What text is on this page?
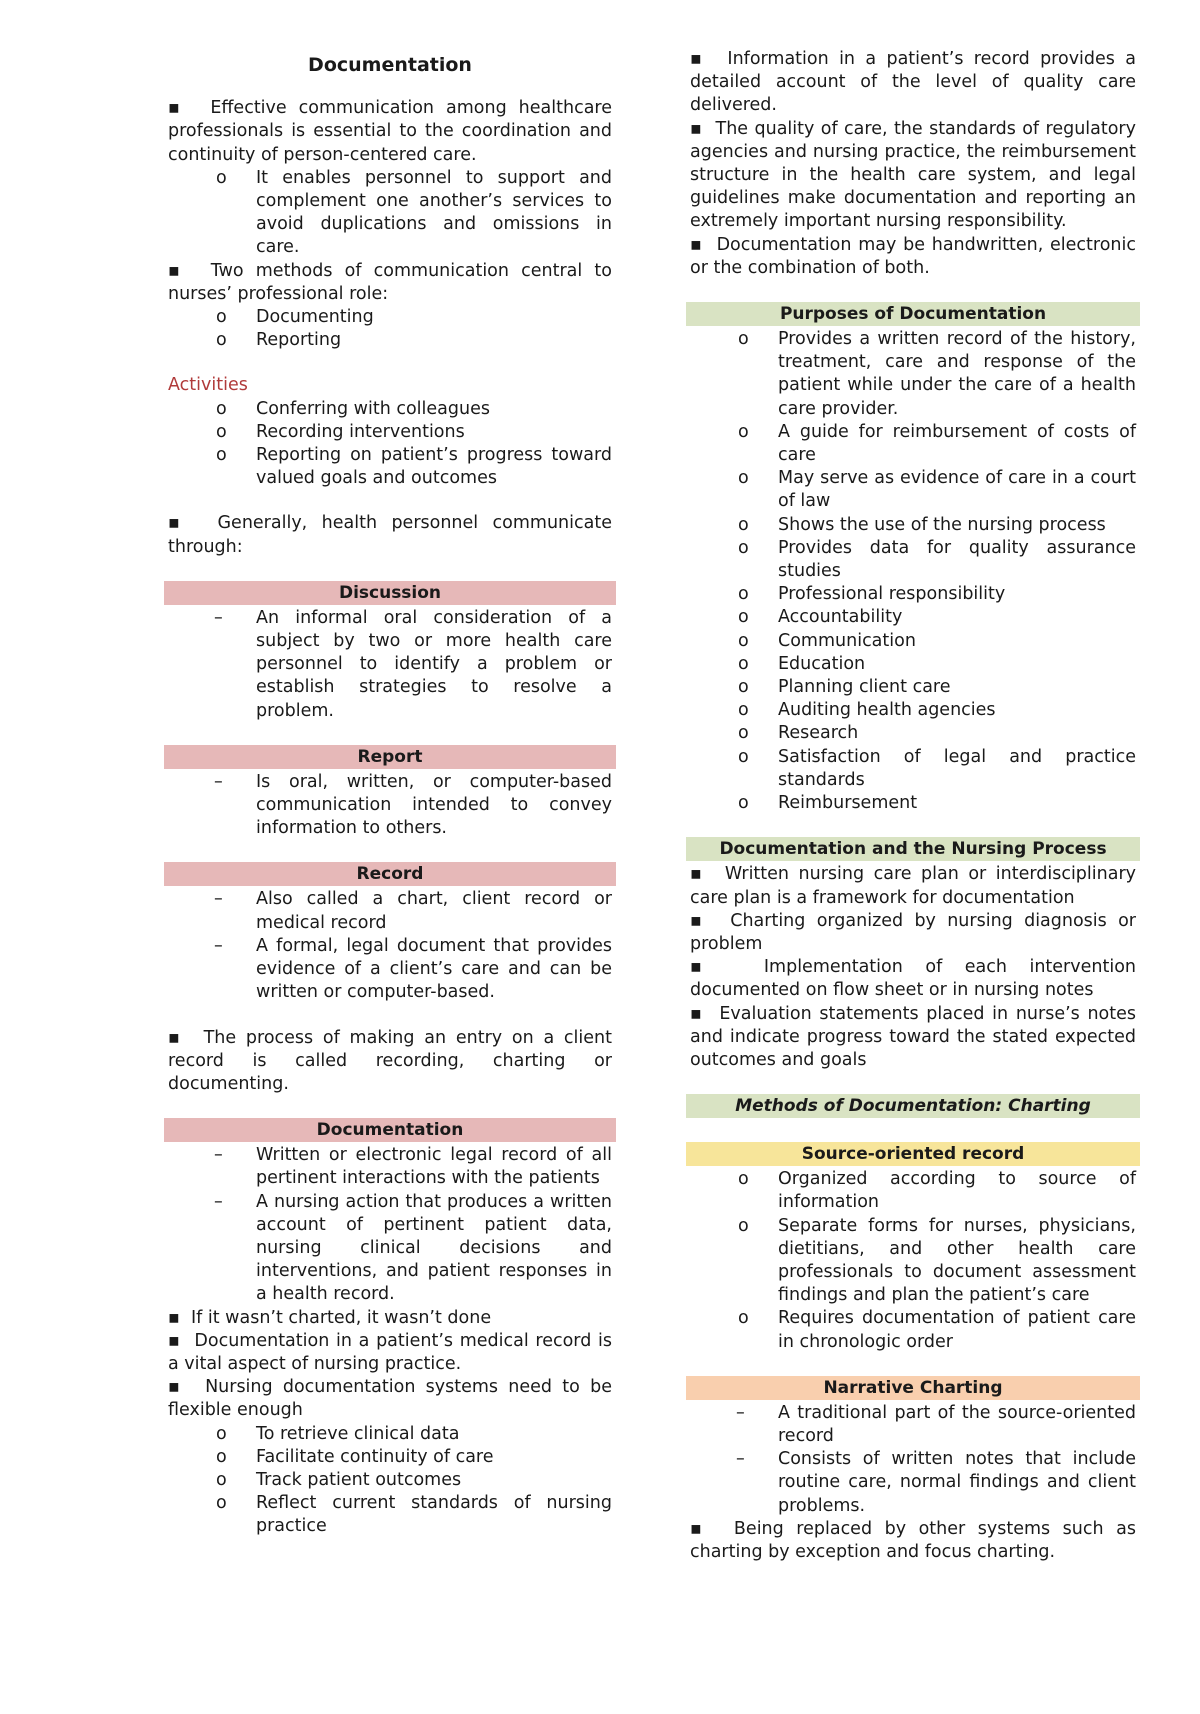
Documentation

▪  Effective communication among healthcare professionals is essential to the coordination and continuity of person-centered care.

o It enables personnel to support and complement one another’s services to avoid duplications and omissions in care.

▪  Two methods of communication central to nurses’ professional role:

o Documenting
o Reporting

Activities

o Conferring with colleagues
o Recording interventions
o Reporting on patient’s progress toward valued goals and outcomes

▪  Generally, health personnel communicate through:

Discussion
– An informal oral consideration of a subject by two or more health care personnel to identify a problem or establish strategies to resolve a problem.
Report
– Is oral, written, or computer-based communication intended to convey information to others.
Record
– Also called a chart, client record or medical record
– A formal, legal document that provides evidence of a client’s care and can be written or computer-based.

▪  The process of making an entry on a client record is called recording, charting or documenting.

Documentation
– Written or electronic legal record of all pertinent interactions with the patients
– A nursing action that produces a written account of pertinent patient data, nursing clinical decisions and interventions, and patient responses in a health record.

▪  If it wasn’t charted, it wasn’t done

▪  Documentation in a patient’s medical record is a vital aspect of nursing practice.

▪  Nursing documentation systems need to be flexible enough

o To retrieve clinical data
o Facilitate continuity of care
o Track patient outcomes
o Reflect current standards of nursing practice

▪  Information in a patient’s record provides a detailed account of the level of quality care delivered.

▪  The quality of care, the standards of regulatory agencies and nursing practice, the reimbursement structure in the health care system, and legal guidelines make documentation and reporting an extremely important nursing responsibility.

▪  Documentation may be handwritten, electronic or the combination of both.

Purposes of Documentation
o Provides a written record of the history, treatment, care and response of the patient while under the care of a health care provider.
o A guide for reimbursement of costs of care
o May serve as evidence of care in a court of law
o Shows the use of the nursing process
o Provides data for quality assurance studies
o Professional responsibility
o Accountability
o Communication
o Education
o Planning client care
o Auditing health agencies
o Research
o Satisfaction of legal and practice standards
o Reimbursement
Documentation and the Nursing Process

▪  Written nursing care plan or interdisciplinary care plan is a framework for documentation

▪  Charting organized by nursing diagnosis or problem

▪  Implementation of each intervention documented on flow sheet or in nursing notes

▪  Evaluation statements placed in nurse’s notes and indicate progress toward the stated expected outcomes and goals

Methods of Documentation: Charting
Source-oriented record
o Organized according to source of information
o Separate forms for nurses, physicians, dietitians, and other health care professionals to document assessment findings and plan the patient’s care
o Requires documentation of patient care in chronologic order
Narrative Charting
– A traditional part of the source-oriented record
– Consists of written notes that include routine care, normal findings and client problems.

▪  Being replaced by other systems such as charting by exception and focus charting.
